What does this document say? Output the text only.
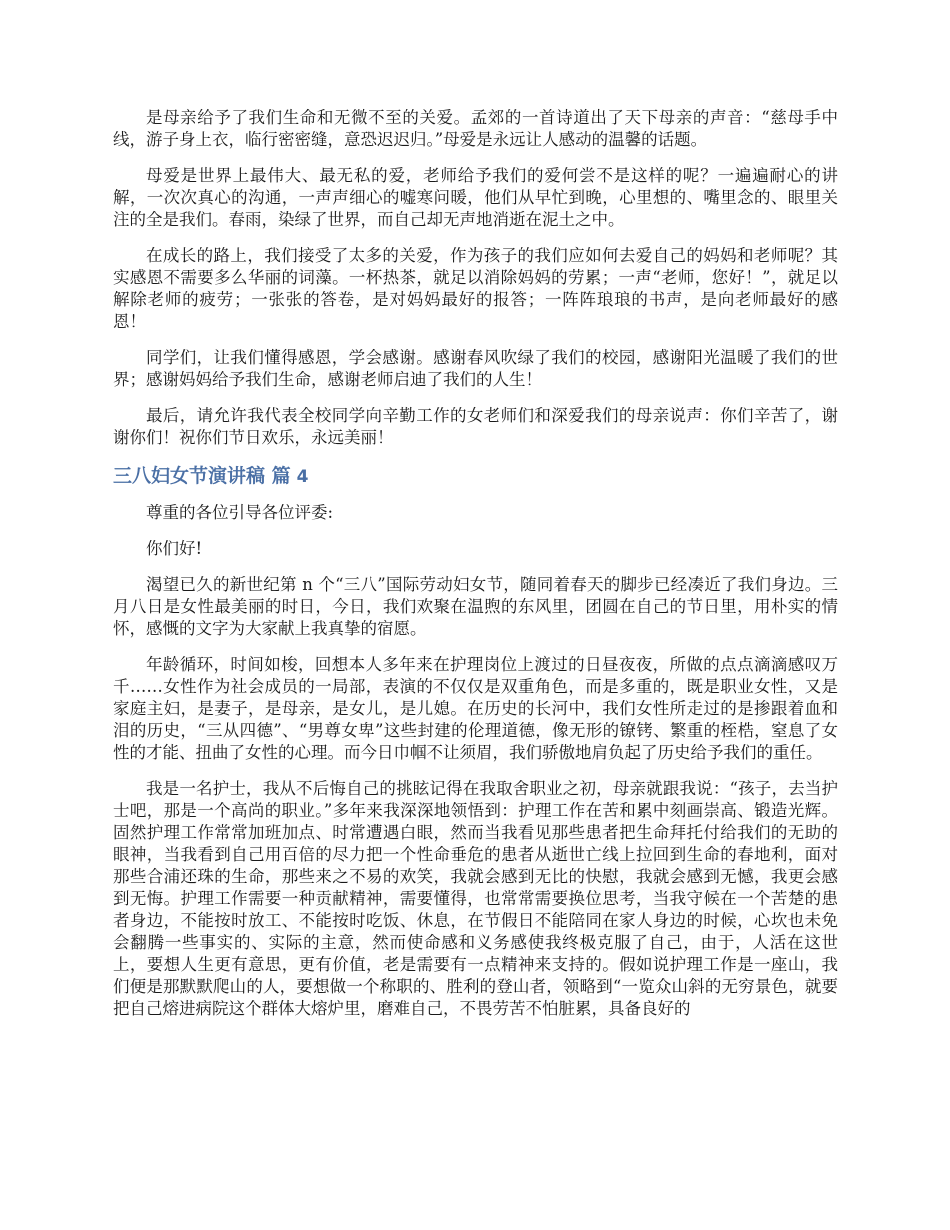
是母亲给予了我们生命和无微不至的关爱。孟郊的一首诗道出了天下母亲的声音：“慈母手中线，游子身上衣，临行密密缝，意恐迟迟归。”母爱是永远让人感动的温馨的话题。

母爱是世界上最伟大、最无私的爱，老师给予我们的爱何尝不是这样的呢？一遍遍耐心的讲解，一次次真心的沟通，一声声细心的嘘寒问暖，他们从早忙到晚，心里想的、嘴里念的、眼里关注的全是我们。春雨，染绿了世界，而自己却无声地消逝在泥土之中。

在成长的路上，我们接受了太多的关爱，作为孩子的我们应如何去爱自己的妈妈和老师呢？其实感恩不需要多么华丽的词藻。一杯热茶，就足以消除妈妈的劳累；一声“老师，您好！”，就足以解除老师的疲劳；一张张的答卷，是对妈妈最好的报答；一阵阵琅琅的书声，是向老师最好的感恩！

同学们，让我们懂得感恩，学会感谢。感谢春风吹绿了我们的校园，感谢阳光温暖了我们的世界；感谢妈妈给予我们生命，感谢老师启迪了我们的人生！

最后，请允许我代表全校同学向辛勤工作的女老师们和深爱我们的母亲说声：你们辛苦了，谢谢你们！祝你们节日欢乐，永远美丽！

三八妇女节演讲稿 篇 4

尊重的各位引导各位评委:

你们好!

渴望已久的新世纪第 n 个“三八”国际劳动妇女节，随同着春天的脚步已经凑近了我们身边。三月八日是女性最美丽的时日，今日，我们欢聚在温煦的东风里，团圆在自己的节日里，用朴实的情怀，感慨的文字为大家献上我真挚的宿愿。

年龄循环，时间如梭，回想本人多年来在护理岗位上渡过的日昼夜夜，所做的点点滴滴感叹万千……女性作为社会成员的一局部，表演的不仅仅是双重角色，而是多重的，既是职业女性，又是家庭主妇，是妻子，是母亲，是女儿，是儿媳。在历史的长河中，我们女性所走过的是掺跟着血和泪的历史，“三从四德”、“男尊女卑”这些封建的伦理道德，像无形的镣铐、繁重的桎梏，窒息了女性的才能、扭曲了女性的心理。而今日巾帼不让须眉，我们骄傲地肩负起了历史给予我们的重任。

我是一名护士，我从不后悔自己的挑眩记得在我取舍职业之初，母亲就跟我说：“孩子，去当护士吧，那是一个高尚的职业。”多年来我深深地领悟到：护理工作在苦和累中刻画崇高、锻造光辉。固然护理工作常常加班加点、时常遭遇白眼，然而当我看见那些患者把生命拜托付给我们的无助的眼神，当我看到自己用百倍的尽力把一个性命垂危的患者从逝世亡线上拉回到生命的春地利，面对那些合浦还珠的生命，那些来之不易的欢笑，我就会感到无比的快慰，我就会感到无憾，我更会感到无悔。护理工作需要一种贡献精神，需要懂得，也常常需要换位思考，当我守候在一个苦楚的患者身边，不能按时放工、不能按时吃饭、休息，在节假日不能陪同在家人身边的时候，心坎也未免会翻腾一些事实的、实际的主意，然而使命感和义务感使我终极克服了自己，由于，人活在这世上，要想人生更有意思，更有价值，老是需要有一点精神来支持的。假如说护理工作是一座山，我们便是那默默爬山的人，要想做一个称职的、胜利的登山者，领略到“一览众山斜的无穷景色，就要把自己熔进病院这个群体大熔炉里，磨难自己，不畏劳苦不怕脏累，具备良好的
